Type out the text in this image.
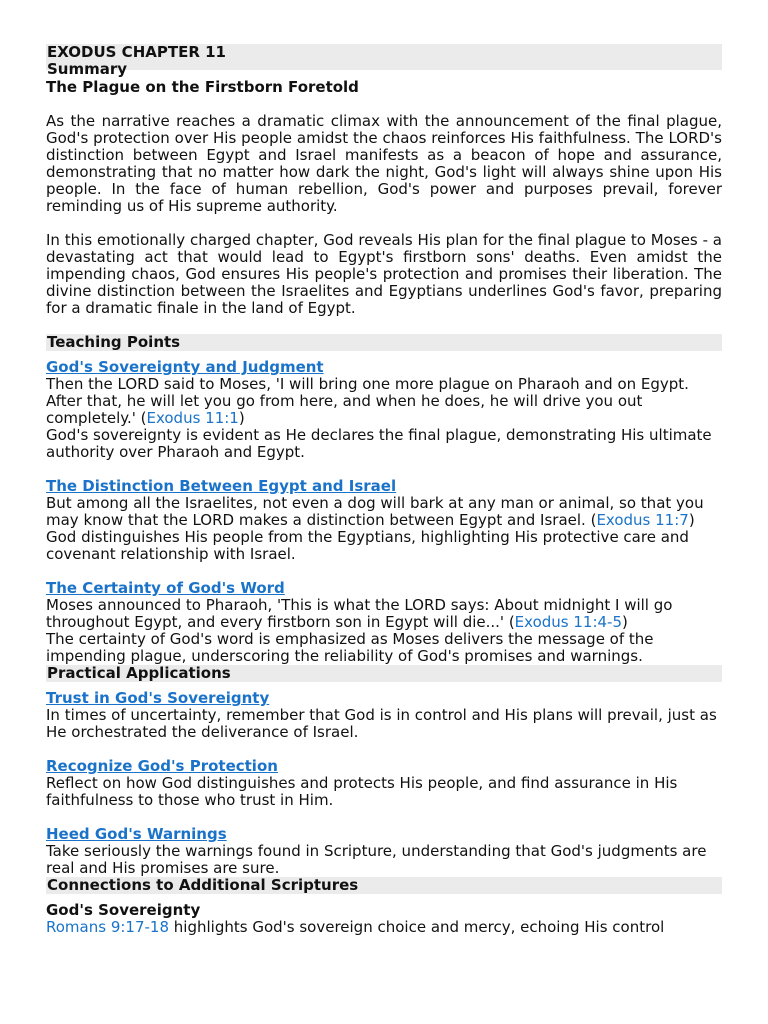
EXODUS CHAPTER 11
Summary
The Plague on the Firstborn Foretold

As the narrative reaches a dramatic climax with the announcement of the final plague, God's protection over His people amidst the chaos reinforces His faithfulness. The LORD's distinction between Egypt and Israel manifests as a beacon of hope and assurance, demonstrating that no matter how dark the night, God's light will always shine upon His people. In the face of human rebellion, God's power and purposes prevail, forever reminding us of His supreme authority.

In this emotionally charged chapter, God reveals His plan for the final plague to Moses - a devastating act that would lead to Egypt's firstborn sons' deaths. Even amidst the impending chaos, God ensures His people's protection and promises their liberation. The divine distinction between the Israelites and Egyptians underlines God's favor, preparing for a dramatic finale in the land of Egypt.

Teaching Points
God's Sovereignty and Judgment

Then the LORD said to Moses, 'I will bring one more plague on Pharaoh and on Egypt. After that, he will let you go from here, and when he does, he will drive you out completely.' (Exodus 11:1)

God's sovereignty is evident as He declares the final plague, demonstrating His ultimate authority over Pharaoh and Egypt.

The Distinction Between Egypt and Israel

But among all the Israelites, not even a dog will bark at any man or animal, so that you may know that the LORD makes a distinction between Egypt and Israel. (Exodus 11:7)

God distinguishes His people from the Egyptians, highlighting His protective care and covenant relationship with Israel.

The Certainty of God's Word

Moses announced to Pharaoh, 'This is what the LORD says: About midnight I will go throughout Egypt, and every firstborn son in Egypt will die...' (Exodus 11:4-5)

The certainty of God's word is emphasized as Moses delivers the message of the impending plague, underscoring the reliability of God's promises and warnings.

Practical Applications
Trust in God's Sovereignty

In times of uncertainty, remember that God is in control and His plans will prevail, just as He orchestrated the deliverance of Israel.

Recognize God's Protection

Reflect on how God distinguishes and protects His people, and find assurance in His faithfulness to those who trust in Him.

Heed God's Warnings

Take seriously the warnings found in Scripture, understanding that God's judgments are real and His promises are sure.

Connections to Additional Scriptures
God's Sovereignty

Romans 9:17-18 highlights God's sovereign choice and mercy, echoing His control
